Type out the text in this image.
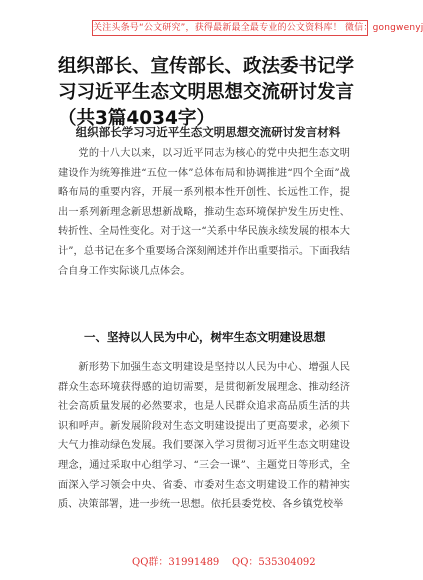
关注头条号“公文研究”，获得最新最全最专业的公文资料库！ 微信：gongwenyj
组织部长、宣传部长、政法委书记学习习近平生态文明思想交流研讨发言（共3篇4034字）
组织部长学习习近平生态文明思想交流研讨发言材料

党的十八大以来，以习近平同志为核心的党中央把生态文明建设作为统筹推进“五位一体”总体布局和协调推进“四个全面”战略布局的重要内容，开展一系列根本性开创性、长远性工作，提出一系列新理念新思想新战略，推动生态环境保护发生历史性、转折性、全局性变化。对于这一“关系中华民族永续发展的根本大计”，总书记在多个重要场合深刻阐述并作出重要指示。下面我结合自身工作实际谈几点体会。

一、坚持以人民为中心，树牢生态文明建设思想

新形势下加强生态文明建设是坚持以人民为中心、增强人民群众生态环境获得感的迫切需要，是贯彻新发展理念、推动经济社会高质量发展的必然要求，也是人民群众追求高品质生活的共识和呼声。新发展阶段对生态文明建设提出了更高要求，必须下大气力推动绿色发展。我们要深入学习贯彻习近平生态文明建设理念，通过采取中心组学习、“三会一课”、主题党日等形式，全面深入学习领会中央、省委、市委对生态文明建设工作的精神实质、决策部署，进一步统一思想。依托县委党校、各乡镇党校举

QQ群：31991489 QQ：535304092
